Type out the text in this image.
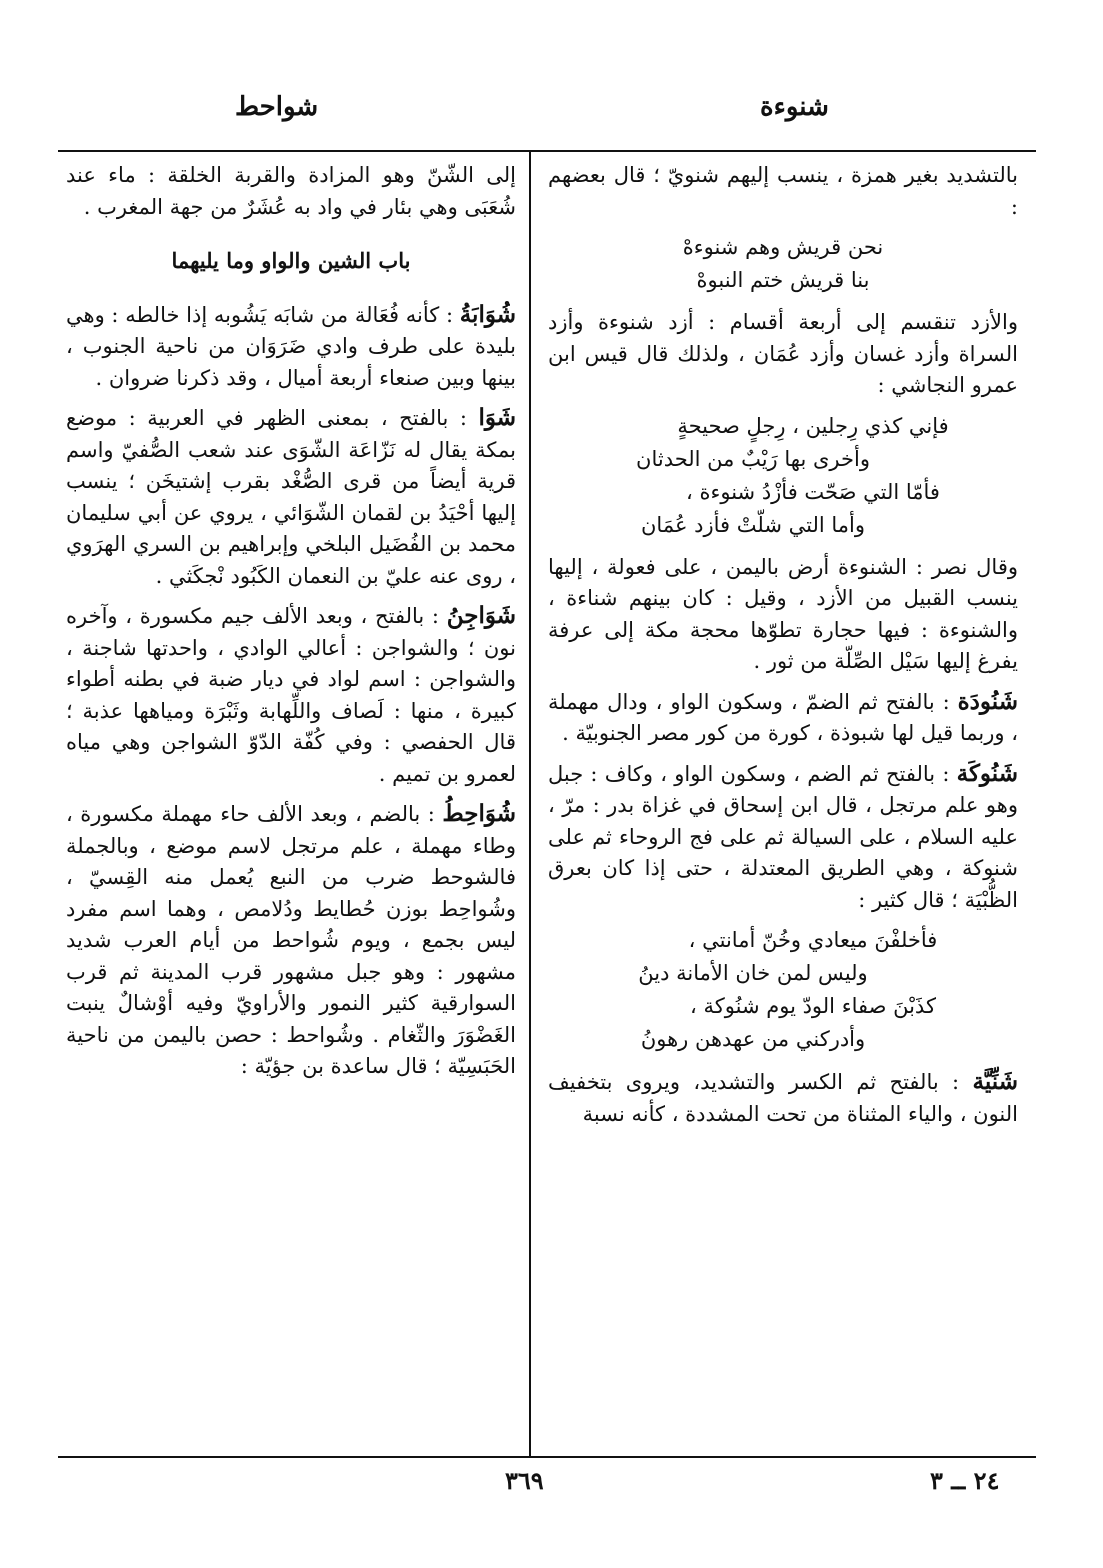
شنوءة
شواحط

بالتشديد بغير همزة ، ينسب إليهم شنويّ ؛ قال بعضهم :

نحن قريش وهم شنوءهْ
بنا قريش ختم النبوهْ

والأزد تنقسم إلى أربعة أقسام : أزد شنوءة وأزد السراة وأزد غسان وأزد عُمَان ، ولذلك قال قيس ابن عمرو النجاشي :

فإني كذي رِجلين ، رِجلٍ صحيحةٍ
وأخرى بها رَيْبٌ من الحدثان
فأمّا التي صَحّت فأزْدُ شنوءة ،
وأما التي شلّتْ فأزد عُمَان

وقال نصر : الشنوءة أرض باليمن ، على فعولة ، إليها ينسب القبيل من الأزد ، وقيل : كان بينهم شناءة ، والشنوءة : فيها حجارة تطوّها محجة مكة إلى عرفة يفرغ إليها سَيْل الصِّلّة من ثور .

شَنُودَة : بالفتح ثم الضمّ ، وسكون الواو ، ودال مهملة ، وربما قيل لها شبوذة ، كورة من كور مصر الجنوبيّة .

شَنُوكَة : بالفتح ثم الضم ، وسكون الواو ، وكاف : جبل وهو علم مرتجل ، قال ابن إسحاق في غزاة بدر : مرّ ، عليه السلام ، على السيالة ثم على فج الروحاء ثم على شنوكة ، وهي الطريق المعتدلة ، حتى إذا كان بعرق الظُّبْيَة ؛ قال كثير :

فأخلفْنَ ميعادي وخُنّ أمانتي ،
وليس لمن خان الأمانة دينُ
كذَبْنَ صفاء الودّ يوم شنُوكة ،
وأدركني من عهدهن رهونُ

شَنِّيَّة : بالفتح ثم الكسر والتشديد، ويروى بتخفيف النون ، والياء المثناة من تحت المشددة ، كأنه نسبة

إلى الشّنّ وهو المزادة والقربة الخلقة : ماء عند شُعَبَى وهي بئار في واد به عُشَرٌ من جهة المغرب .

باب الشين والواو وما يليهما

شُوَابَةُ : كأنه فُعَالة من شابَه يَشُوبه إذا خالطه : وهي بليدة على طرف وادي ضَرَوَان من ناحية الجنوب ، بينها وبين صنعاء أربعة أميال ، وقد ذكرنا ضروان .

شَوَا : بالفتح ، بمعنى الظهر في العربية : موضع بمكة يقال له نَزّاعَة الشّوَى عند شعب الصُّفيّ واسم قرية أيضاً من قرى الصُّغْد بقرب إشتيخَن ؛ ينسب إليها أحْيَدُ بن لقمان الشّوَائي ، يروي عن أبي سليمان محمد بن الفُضَيل البلخي وإبراهيم بن السري الهرَوي ، روى عنه عليّ بن النعمان الكَبُود نْجكَثي .

شَوَاجِنُ : بالفتح ، وبعد الألف جيم مكسورة ، وآخره نون ؛ والشواجن : أعالي الوادي ، واحدتها شاجنة ، والشواجن : اسم لواد في ديار ضبة في بطنه أطواء كبيرة ، منها : لَصاف واللِّهابة وثَبْرَة ومياهها عذبة ؛ قال الحفصي : وفي كُفّة الدّوّ الشواجن وهي مياه لعمرو بن تميم .

شُوَاحِطُ : بالضم ، وبعد الألف حاء مهملة مكسورة ، وطاء مهملة ، علم مرتجل لاسم موضع ، وبالجملة فالشوحط ضرب من النبع يُعمل منه القِسيّ ، وشُواحِط بوزن حُطايط ودُلامص ، وهما اسم مفرد ليس بجمع ، ويوم شُواحط من أيام العرب شديد مشهور : وهو جبل مشهور قرب المدينة ثم قرب السوارقية كثير النمور والأراويّ وفيه أوْشالٌ ينبت الغَضْوَرَ والثّغام . وشُواحط : حصن باليمن من ناحية الحَبَسِيّة ؛ قال ساعدة بن جؤيّة :

٣٦٩	٢٤ ــ ٣
